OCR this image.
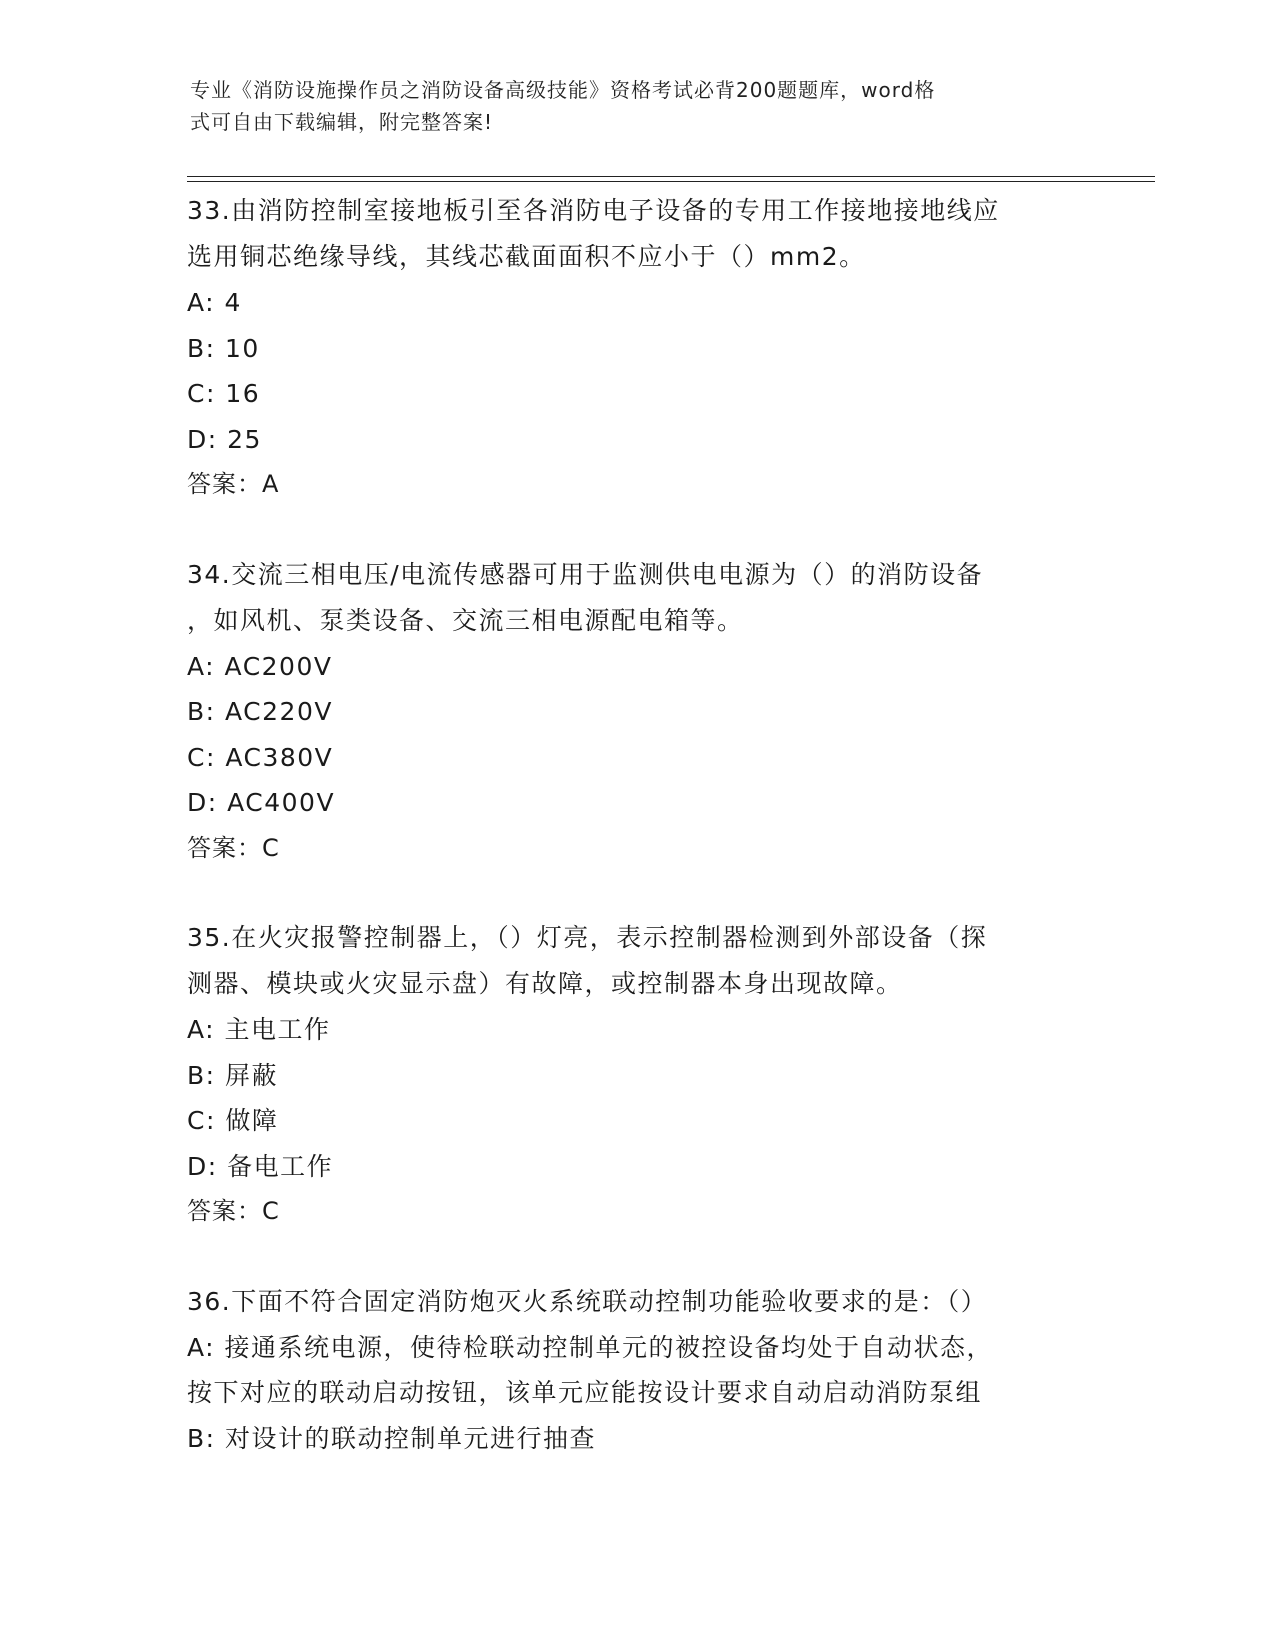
专业《消防设施操作员之消防设备高级技能》资格考试必背200题题库，word格
式可自由下载编辑，附完整答案!
33.由消防控制室接地板引至各消防电子设备的专用工作接地接地线应
选用铜芯绝缘导线，其线芯截面面积不应小于（）mm2。
A: 4
B: 10
C: 16
D: 25
答案：A
34.交流三相电压/电流传感器可用于监测供电电源为（）的消防设备
，如风机、泵类设备、交流三相电源配电箱等。
A: AC200V
B: AC220V
C: AC380V
D: AC400V
答案：C
35.在火灾报警控制器上，（）灯亮，表示控制器检测到外部设备（探
测器、模块或火灾显示盘）有故障，或控制器本身出现故障。
A: 主电工作
B: 屏蔽
C: 做障
D: 备电工作
答案：C
36.下面不符合固定消防炮灭火系统联动控制功能验收要求的是：（）
A: 接通系统电源，使待检联动控制单元的被控设备均处于自动状态，
按下对应的联动启动按钮，该单元应能按设计要求自动启动消防泵组
B: 对设计的联动控制单元进行抽查
